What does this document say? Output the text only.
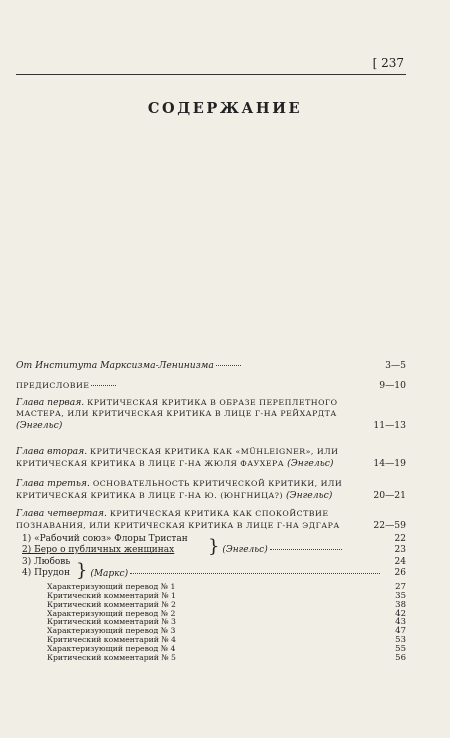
[ 237
СОДЕРЖАНИЕ
От Института Марксизма-Ленинизма	3—5
ПРЕДИСЛОВИЕ	9—10
Глава первая. КРИТИЧЕСКАЯ КРИТИКА В ОБРАЗЕ ПЕРЕПЛЕТНОГО МАСТЕРА, ИЛИ КРИТИЧЕСКАЯ КРИТИКА В ЛИЦЕ Г-НА РЕЙХАРДТА (Энгельс)	11—13
Глава вторая. КРИТИЧЕСКАЯ КРИТИКА КАК «MÜHLEIGNER», ИЛИ КРИТИЧЕСКАЯ КРИТИКА В ЛИЦЕ Г-НА ЖЮЛЯ ФАУХЕРА (Энгельс)	14—19
Глава третья. ОСНОВАТЕЛЬНОСТЬ КРИТИЧЕСКОЙ КРИТИКИ, ИЛИ КРИТИЧЕСКАЯ КРИТИКА В ЛИЦЕ Г-НА Ю. (ЮНГНИЦА?) (Энгельс)	20—21
Глава четвертая. КРИТИЧЕСКАЯ КРИТИКА КАК СПОКОЙСТВИЕ ПОЗНАВАНИЯ, ИЛИ КРИТИЧЕСКАЯ КРИТИКА В ЛИЦЕ Г-НА ЭДГАРА	22—59
1) «Рабочий союз» Флоры Тристан	22
2) Беро о публичных женщинах	23
3) Любовь	24
4) Прудон	26
} (Энгельс)
} (Маркс)
Характеризующий перевод № 1	27
Критический комментарий № 1	35
Критический комментарий № 2	38
Характеризующий перевод № 2	42
Критический комментарий № 3	43
Характеризующий перевод № 3	47
Критический комментарий № 4	53
Характеризующий перевод № 4	55
Критический комментарий № 5	56
